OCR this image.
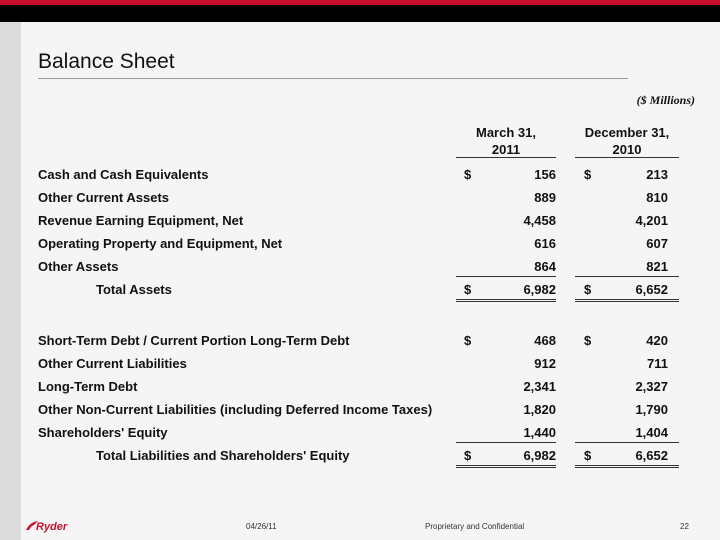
Balance Sheet
($ Millions)
March 31,
2011
December 31,
2010
Cash and Cash Equivalents	$	156 $	213
Other Current Assets	889	810
Revenue Earning Equipment, Net	4,458	4,201
Operating Property and Equipment, Net	616	607
Other Assets	864	821
Total Assets	$	6,982 $	6,652
Short-Term Debt / Current Portion Long-Term Debt	$	468 $	420
Other Current Liabilities	912	711
Long-Term Debt	2,341	2,327
Other Non-Current Liabilities (including Deferred Income Taxes)	1,820	1,790
Shareholders' Equity	1,440	1,404
Total Liabilities and Shareholders' Equity	$	6,982 $	6,652
Ryder	04/26/11	Proprietary and Confidential	22
